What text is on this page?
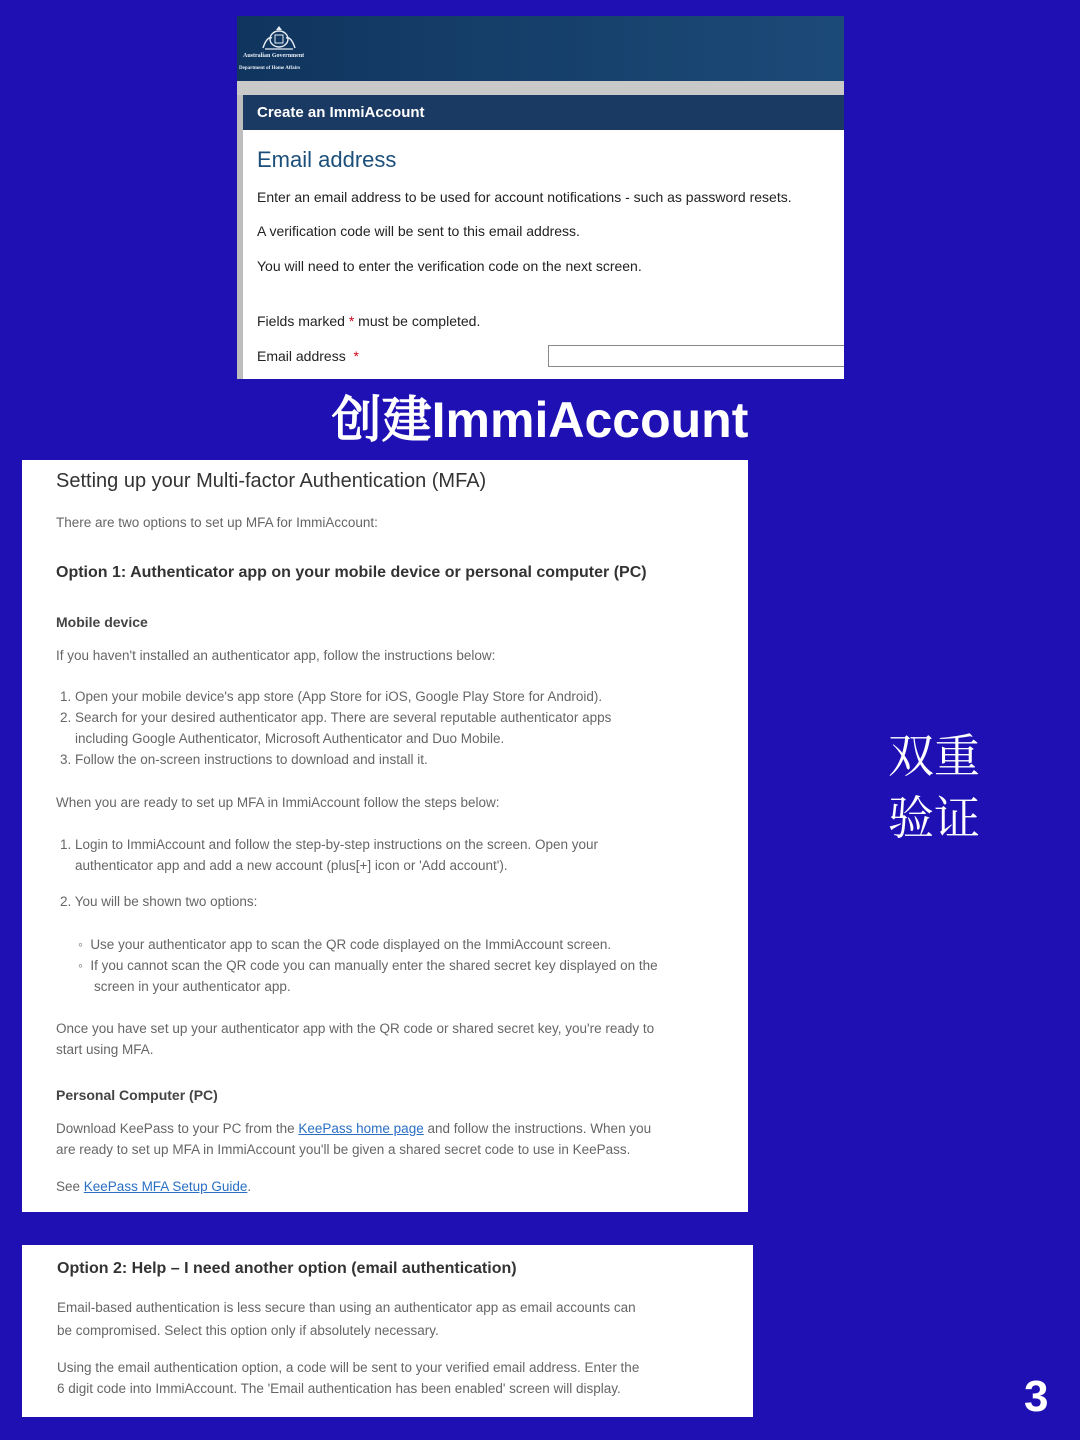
Australian Government
Department of Home Affairs
Create an ImmiAccount
Email address
Enter an email address to be used for account notifications - such as password resets.
A verification code will be sent to this email address.
You will need to enter the verification code on the next screen.
Fields marked * must be completed.
Email address *
创建ImmiAccount
Setting up your Multi-factor Authentication (MFA)
There are two options to set up MFA for ImmiAccount:
Option 1: Authenticator app on your mobile device or personal computer (PC)
Mobile device
If you haven't installed an authenticator app, follow the instructions below:
1. Open your mobile device's app store (App Store for iOS, Google Play Store for Android).
2. Search for your desired authenticator app. There are several reputable authenticator apps
including Google Authenticator, Microsoft Authenticator and Duo Mobile.
3. Follow the on-screen instructions to download and install it.
When you are ready to set up MFA in ImmiAccount follow the steps below:
1. Login to ImmiAccount and follow the step-by-step instructions on the screen. Open your
authenticator app and add a new account (plus[+] icon or 'Add account').
2. You will be shown two options:
◦ Use your authenticator app to scan the QR code displayed on the ImmiAccount screen.
◦ If you cannot scan the QR code you can manually enter the shared secret key displayed on the
screen in your authenticator app.
Once you have set up your authenticator app with the QR code or shared secret key, you're ready to
start using MFA.
Personal Computer (PC)
Download KeePass to your PC from the KeePass home page and follow the instructions. When you
are ready to set up MFA in ImmiAccount you'll be given a shared secret code to use in KeePass.
See KeePass MFA Setup Guide.
Option 2: Help – I need another option (email authentication)
Email-based authentication is less secure than using an authenticator app as email accounts can
be compromised. Select this option only if absolutely necessary.
Using the email authentication option, a code will be sent to your verified email address. Enter the
6 digit code into ImmiAccount. The 'Email authentication has been enabled' screen will display.
双重
验证
3
